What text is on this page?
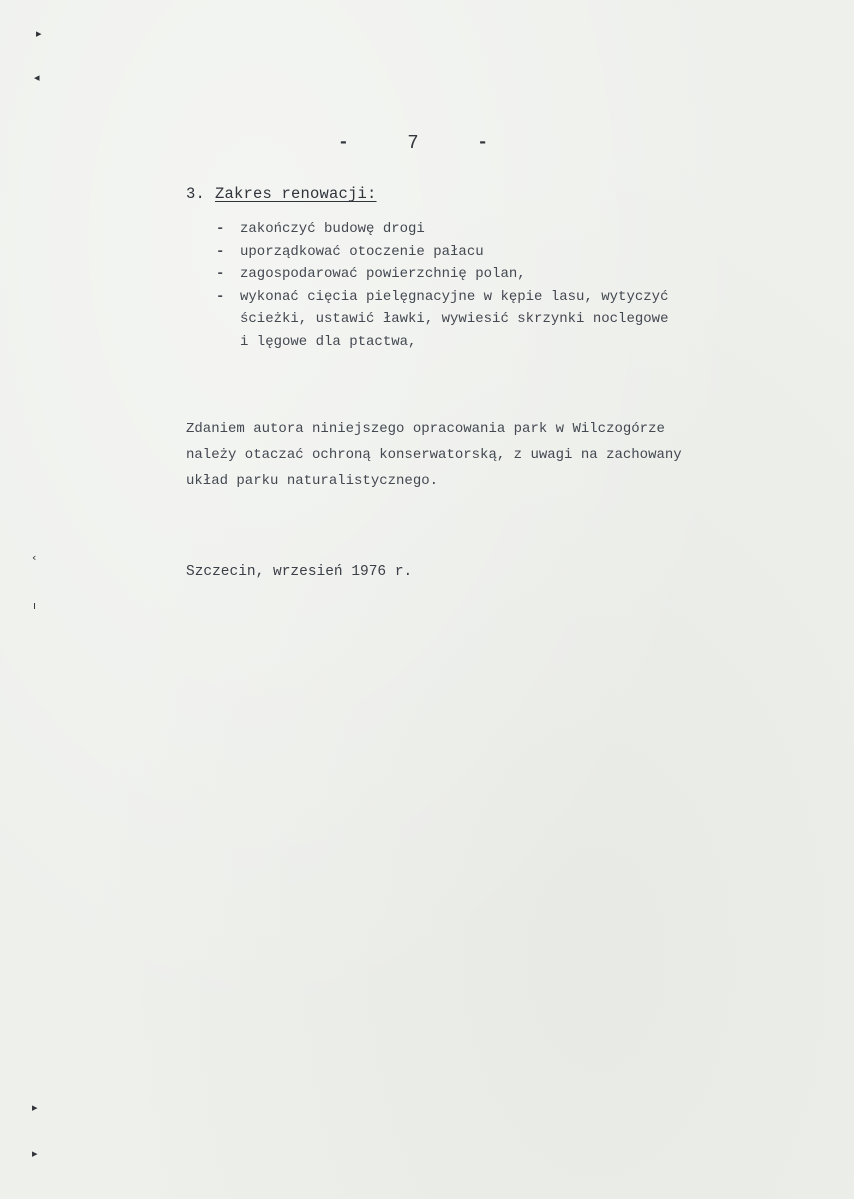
▸
◂
‹
ı
▸
▸
-	7	-
3. Zakres renowacji:
- zakończyć budowę drogi
- uporządkować otoczenie pałacu
- zagospodarować powierzchnię polan,
- wykonać cięcia pielęgnacyjne w kępie lasu, wytyczyć
ścieżki, ustawić ławki, wywiesić skrzynki noclegowe
i lęgowe dla ptactwa,
Zdaniem autora niniejszego opracowania park w Wilczogórze
należy otaczać ochroną konserwatorską, z uwagi na zachowany
układ parku naturalistycznego.
Szczecin, wrzesień 1976 r.
